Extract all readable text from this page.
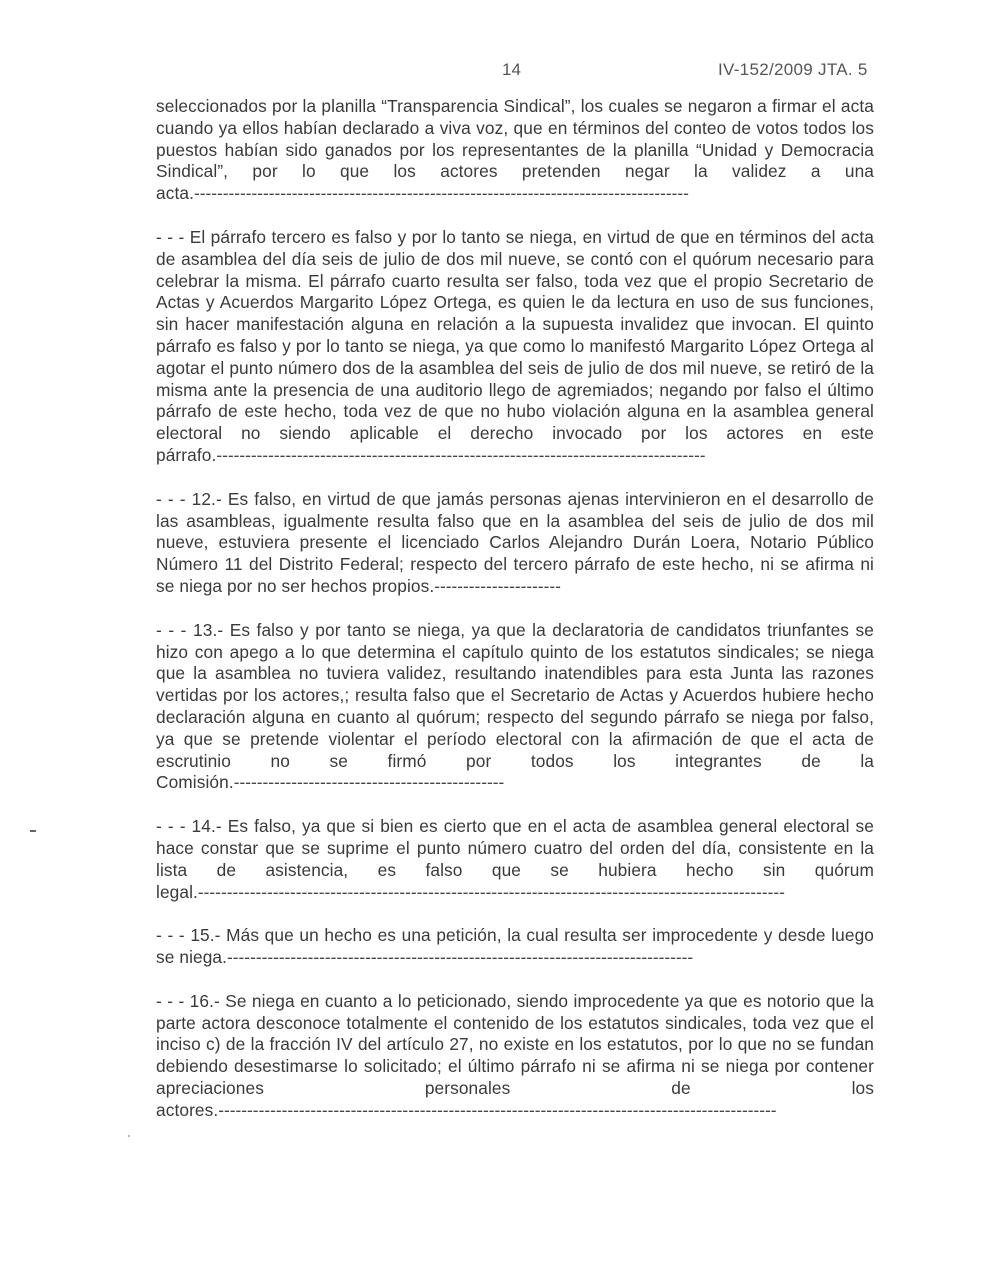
14	IV-152/2009 JTA. 5

seleccionados por la planilla “Transparencia Sindical”, los cuales se negaron a firmar el acta cuando ya ellos habían declarado a viva voz, que en términos del conteo de votos todos los puestos habían sido ganados por los representantes de la planilla “Unidad y Democracia Sindical”, por lo que los actores pretenden negar la validez a una acta.--------------------------------------------------------------------------------------

- - - El párrafo tercero es falso y por lo tanto se niega, en virtud de que en términos del acta de asamblea del día seis de julio de dos mil nueve, se contó con el quórum necesario para celebrar la misma. El párrafo cuarto resulta ser falso, toda vez que el propio Secretario de Actas y Acuerdos Margarito López Ortega, es quien le da lectura en uso de sus funciones, sin hacer manifestación alguna en relación a la supuesta invalidez que invocan. El quinto párrafo es falso y por lo tanto se niega, ya que como lo manifestó Margarito López Ortega al agotar el punto número dos de la asamblea del seis de julio de dos mil nueve, se retiró de la misma ante la presencia de una auditorio llego de agremiados; negando por falso el último párrafo de este hecho, toda vez de que no hubo violación alguna en la asamblea general electoral no siendo aplicable el derecho invocado por los actores en este párrafo.-------------------------------------------------------------------------------------

- - - 12.- Es falso, en virtud de que jamás personas ajenas intervinieron en el desarrollo de las asambleas, igualmente resulta falso que en la asamblea del seis de julio de dos mil nueve, estuviera presente el licenciado Carlos Alejandro Durán Loera, Notario Público Número 11 del Distrito Federal; respecto del tercero párrafo de este hecho, ni se afirma ni se niega por no ser hechos propios.----------------------

- - - 13.- Es falso y por tanto se niega, ya que la declaratoria de candidatos triunfantes se hizo con apego a lo que determina el capítulo quinto de los estatutos sindicales; se niega que la asamblea no tuviera validez, resultando inatendibles para esta Junta las razones vertidas por los actores,; resulta falso que el Secretario de Actas y Acuerdos hubiere hecho declaración alguna en cuanto al quórum; respecto del segundo párrafo se niega por falso, ya que se pretende violentar el período electoral con la afirmación de que el acta de escrutinio no se firmó por todos los integrantes de la Comisión.-----------------------------------------------

- - - 14.- Es falso, ya que si bien es cierto que en el acta de asamblea general electoral se hace constar que se suprime el punto número cuatro del orden del día, consistente en la lista de asistencia, es falso que se hubiera hecho sin quórum legal.------------------------------------------------------------------------------------------------------

- - - 15.- Más que un hecho es una petición, la cual resulta ser improcedente y desde luego se niega.---------------------------------------------------------------------------------

- - - 16.- Se niega en cuanto a lo peticionado, siendo improcedente ya que es notorio que la parte actora desconoce totalmente el contenido de los estatutos sindicales, toda vez que el inciso c) de la fracción IV del artículo 27, no existe en los estatutos, por lo que no se fundan debiendo desestimarse lo solicitado; el último párrafo ni se afirma ni se niega por contener apreciaciones personales de los actores.-------------------------------------------------------------------------------------------------
